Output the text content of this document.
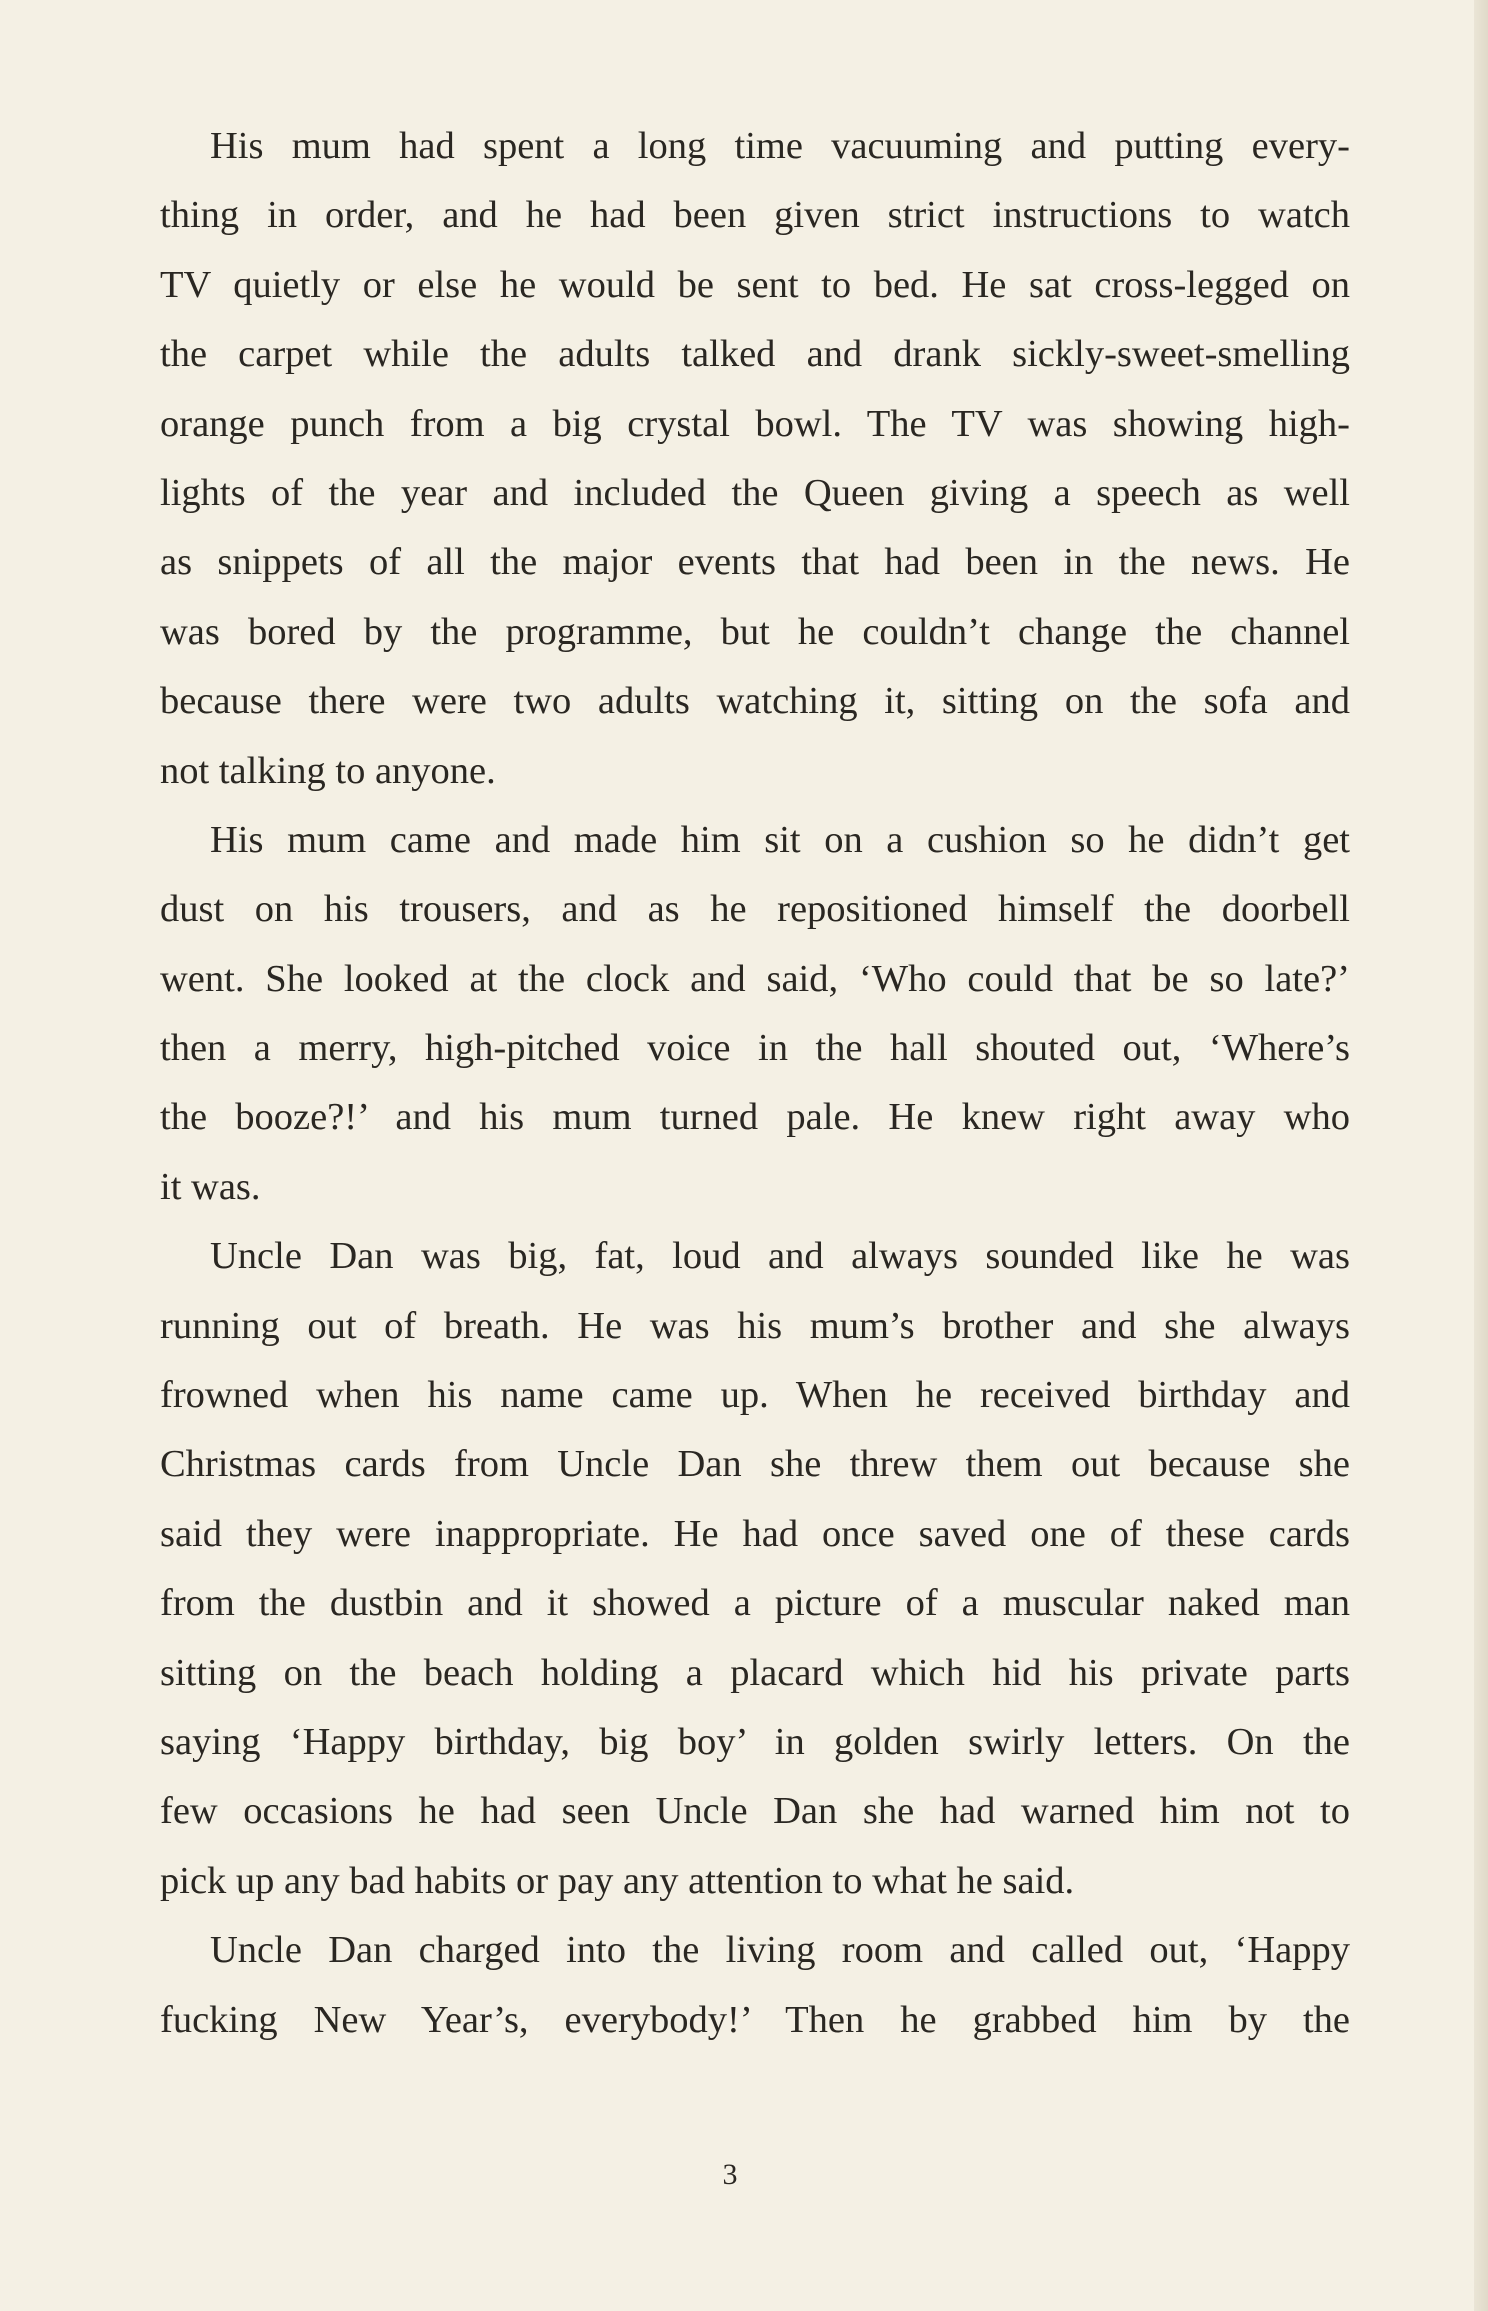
His mum had spent a long time vacuuming and putting every-
thing in order, and he had been given strict instructions to watch
TV quietly or else he would be sent to bed. He sat cross-legged on
the carpet while the adults talked and drank sickly-sweet-smelling
orange punch from a big crystal bowl. The TV was showing high-
lights of the year and included the Queen giving a speech as well
as snippets of all the major events that had been in the news. He
was bored by the programme, but he couldn’t change the channel
because there were two adults watching it, sitting on the sofa and
not talking to anyone.
His mum came and made him sit on a cushion so he didn’t get
dust on his trousers, and as he repositioned himself the doorbell
went. She looked at the clock and said, ‘Who could that be so late?’
then a merry, high-pitched voice in the hall shouted out, ‘Where’s
the booze?!’ and his mum turned pale. He knew right away who
it was.
Uncle Dan was big, fat, loud and always sounded like he was
running out of breath. He was his mum’s brother and she always
frowned when his name came up. When he received birthday and
Christmas cards from Uncle Dan she threw them out because she
said they were inappropriate. He had once saved one of these cards
from the dustbin and it showed a picture of a muscular naked man
sitting on the beach holding a placard which hid his private parts
saying ‘Happy birthday, big boy’ in golden swirly letters. On the
few occasions he had seen Uncle Dan she had warned him not to
pick up any bad habits or pay any attention to what he said.
Uncle Dan charged into the living room and called out, ‘Happy
fucking New Year’s, everybody!’ Then he grabbed him by the
3
